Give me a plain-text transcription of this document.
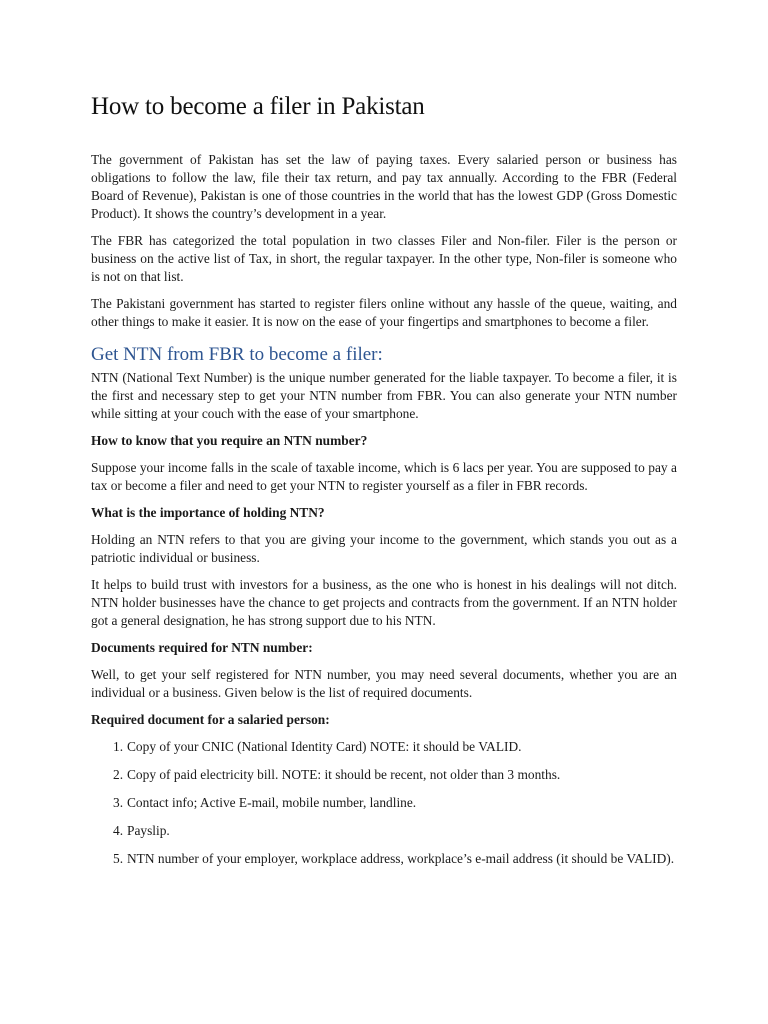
How to become a filer in Pakistan

The government of Pakistan has set the law of paying taxes. Every salaried person or business has obligations to follow the law, file their tax return, and pay tax annually. According to the FBR (Federal Board of Revenue), Pakistan is one of those countries in the world that has the lowest GDP (Gross Domestic Product). It shows the country’s development in a year.

The FBR has categorized the total population in two classes Filer and Non-filer. Filer is the person or business on the active list of Tax, in short, the regular taxpayer. In the other type, Non-filer is someone who is not on that list.

The Pakistani government has started to register filers online without any hassle of the queue, waiting, and other things to make it easier. It is now on the ease of your fingertips and smartphones to become a filer.

Get NTN from FBR to become a filer:

NTN (National Text Number) is the unique number generated for the liable taxpayer. To become a filer, it is the first and necessary step to get your NTN number from FBR. You can also generate your NTN number while sitting at your couch with the ease of your smartphone.

How to know that you require an NTN number?

Suppose your income falls in the scale of taxable income, which is 6 lacs per year. You are supposed to pay a tax or become a filer and need to get your NTN to register yourself as a filer in FBR records.

What is the importance of holding NTN?

Holding an NTN refers to that you are giving your income to the government, which stands you out as a patriotic individual or business.

It helps to build trust with investors for a business, as the one who is honest in his dealings will not ditch. NTN holder businesses have the chance to get projects and contracts from the government. If an NTN holder got a general designation, he has strong support due to his NTN.

Documents required for NTN number:

Well, to get your self registered for NTN number, you may need several documents, whether you are an individual or a business. Given below is the list of required documents.

Required document for a salaried person:
1 . Copy of your CNIC (National Identity Card) NOTE: it should be VALID.
2 . Copy of paid electricity bill. NOTE: it should be recent, not older than 3 months.
3 . Contact info; Active E-mail, mobile number, landline.
4 . Payslip.
5 . NTN number of your employer, workplace address, workplace’s e-mail address (it should be VALID).
